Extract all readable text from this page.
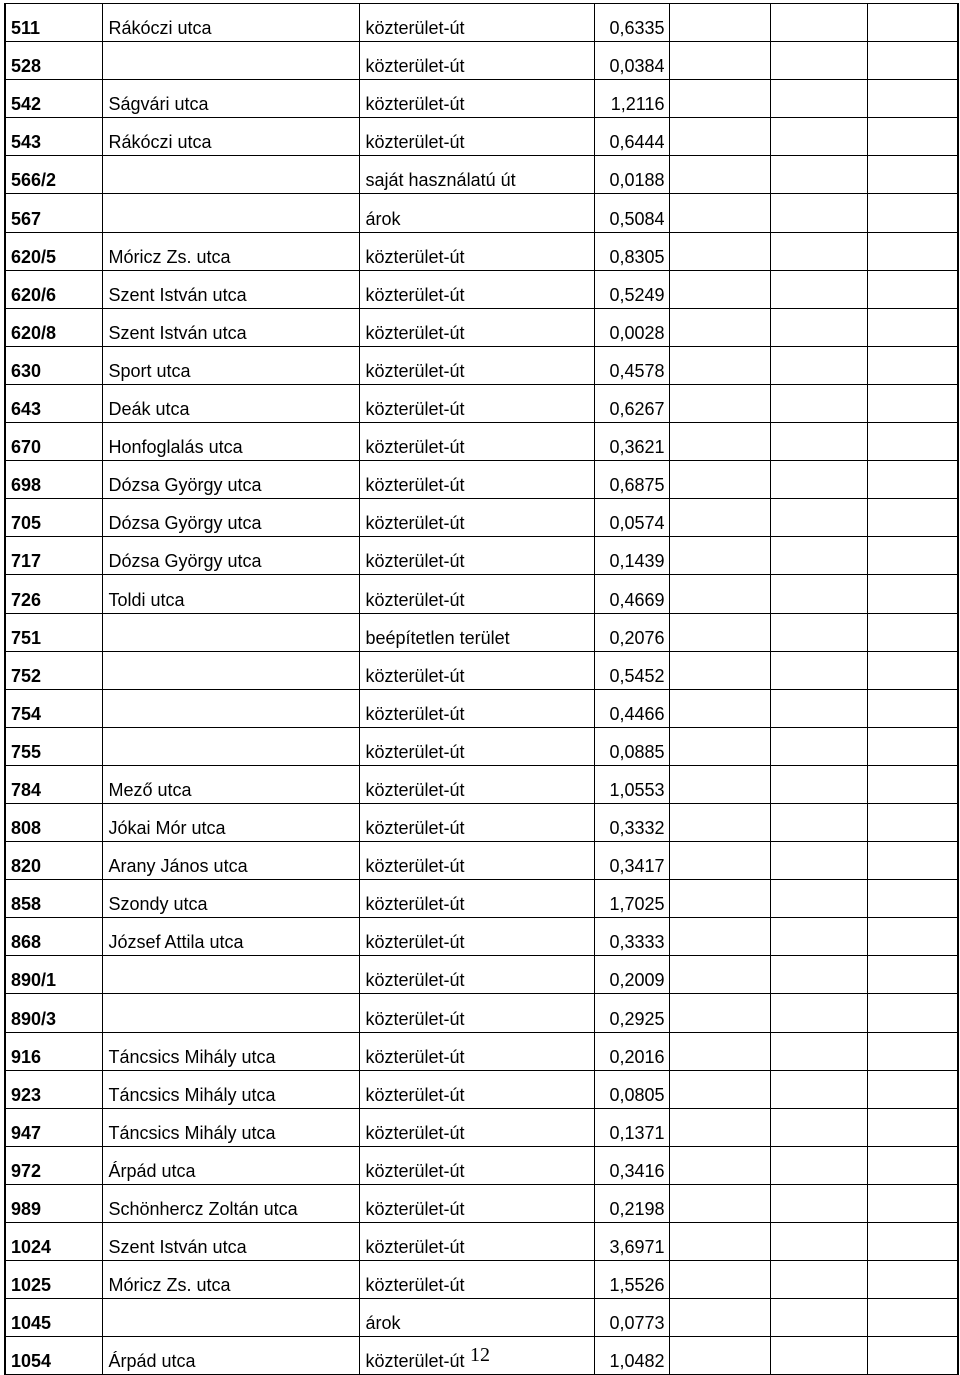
511	Rákóczi utca	közterület-út	0,6335			
528		közterület-út	0,0384			
542	Ságvári utca	közterület-út	1,2116			
543	Rákóczi utca	közterület-út	0,6444			
566/2		saját használatú út	0,0188			
567		árok	0,5084			
620/5	Móricz Zs. utca	közterület-út	0,8305			
620/6	Szent István utca	közterület-út	0,5249			
620/8	Szent István utca	közterület-út	0,0028			
630	Sport utca	közterület-út	0,4578			
643	Deák utca	közterület-út	0,6267			
670	Honfoglalás utca	közterület-út	0,3621			
698	Dózsa György utca	közterület-út	0,6875			
705	Dózsa György utca	közterület-út	0,0574			
717	Dózsa György utca	közterület-út	0,1439			
726	Toldi utca	közterület-út	0,4669			
751		beépítetlen terület	0,2076			
752		közterület-út	0,5452			
754		közterület-út	0,4466			
755		közterület-út	0,0885			
784	Mező utca	közterület-út	1,0553			
808	Jókai Mór utca	közterület-út	0,3332			
820	Arany János utca	közterület-út	0,3417			
858	Szondy utca	közterület-út	1,7025			
868	József Attila utca	közterület-út	0,3333			
890/1		közterület-út	0,2009			
890/3		közterület-út	0,2925			
916	Táncsics Mihály utca	közterület-út	0,2016			
923	Táncsics Mihály utca	közterület-út	0,0805			
947	Táncsics Mihály utca	közterület-út	0,1371			
972	Árpád utca	közterület-út	0,3416			
989	Schönhercz Zoltán utca	közterület-út	0,2198			
1024	Szent István utca	közterület-út	3,6971			
1025	Móricz Zs. utca	közterület-út	1,5526			
1045		árok	0,0773			
1054	Árpád utca	közterület-út	1,0482			
12
